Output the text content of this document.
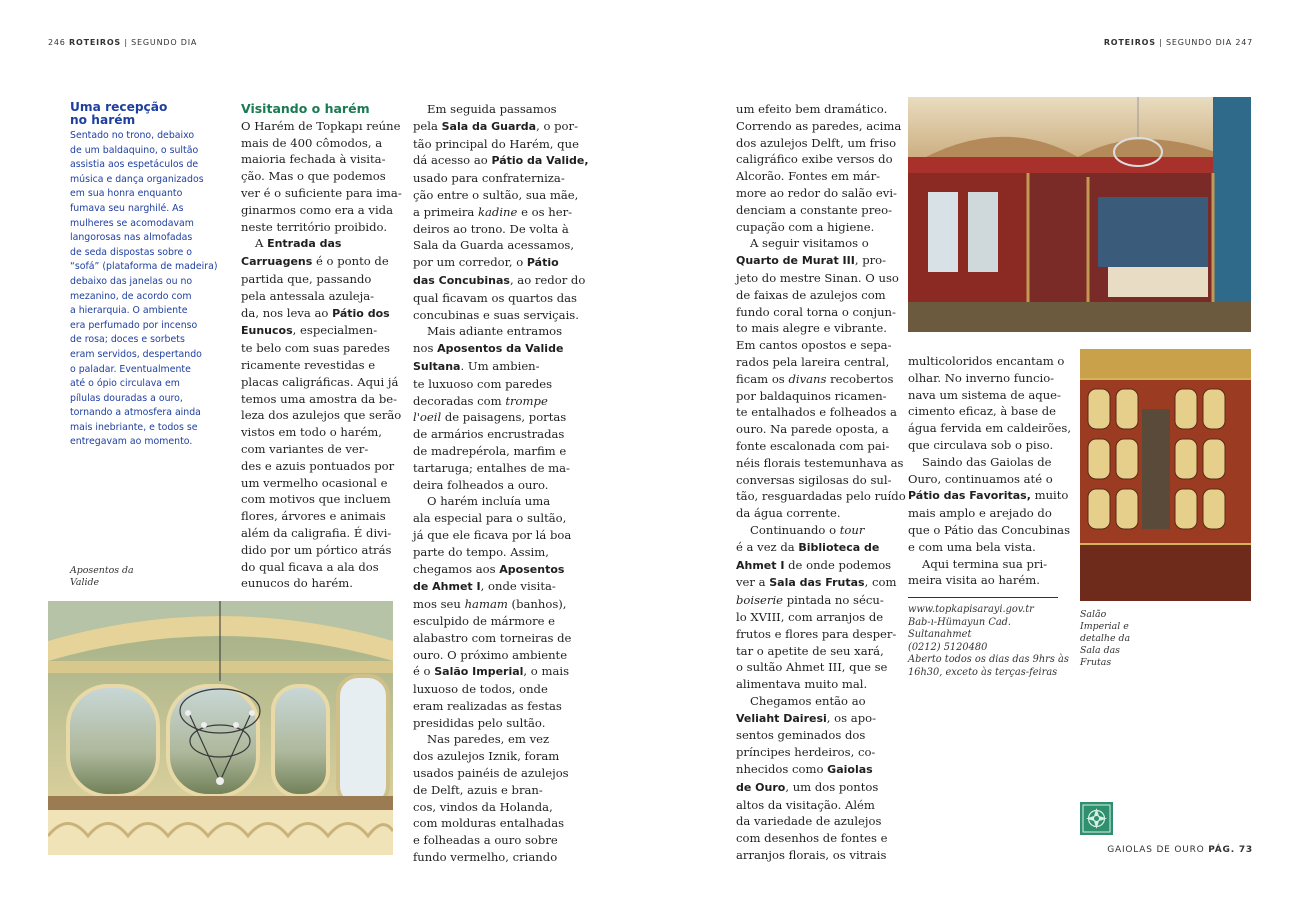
246 ROTEIROS | SEGUNDO DIA	ROTEIROS | SEGUNDO DIA 247
Uma recepção
no harém
Sentado no trono, debaixo
de um baldaquino, o sultão
assistia aos espetáculos de
música e dança organizados
em sua honra enquanto
fumava seu narghilé. As
mulheres se acomodavam
langorosas nas almofadas
de seda dispostas sobre o
“sofá” (plataforma de madeira)
debaixo das janelas ou no
mezanino, de acordo com
a hierarquia. O ambiente
era perfumado por incenso
de rosa; doces e sorbets
eram servidos, despertando
o paladar. Eventualmente
até o ópio circulava em
pílulas douradas a ouro,
tornando a atmosfera ainda
mais inebriante, e todos se
entregavam ao momento.
Aposentos da
Valide
Visitando o harém
O Harém de Topkapı reúne
mais de 400 cômodos, a
maioria fechada à visita-
ção. Mas o que podemos
ver é o suficiente para ima-
ginarmos como era a vida
neste território proibido.
A Entrada das
Carruagens é o ponto de
partida que, passando
pela antessala azuleja-
da, nos leva ao Pátio dos
Eunucos, especialmen-
te belo com suas paredes
ricamente revestidas e
placas caligráficas. Aqui já
temos uma amostra da be-
leza dos azulejos que serão
vistos em todo o harém,
com variantes de ver-
des e azuis pontuados por
um vermelho ocasional e
com motivos que incluem
flores, árvores e animais
além da caligrafia. É divi-
dido por um pórtico atrás
do qual ficava a ala dos
eunucos do harém.
Em seguida passamos
pela Sala da Guarda, o por-
tão principal do Harém, que
dá acesso ao Pátio da Valide,
usado para confraterniza-
ção entre o sultão, sua mãe,
a primeira kadine e os her-
deiros ao trono. De volta à
Sala da Guarda acessamos,
por um corredor, o Pátio
das Concubinas, ao redor do
qual ficavam os quartos das
concubinas e suas serviçais.
Mais adiante entramos
nos Aposentos da Valide
Sultana. Um ambien-
te luxuoso com paredes
decoradas com trompe
l'oeil de paisagens, portas
de armários encrustradas
de madrepérola, marfim e
tartaruga; entalhes de ma-
deira folheados a ouro.
O harém incluía uma
ala especial para o sultão,
já que ele ficava por lá boa
parte do tempo. Assim,
chegamos aos Aposentos
de Ahmet I, onde visita-
mos seu hamam (banhos),
esculpido de mármore e
alabastro com torneiras de
ouro. O próximo ambiente
é o Salão Imperial, o mais
luxuoso de todos, onde
eram realizadas as festas
presididas pelo sultão.
Nas paredes, em vez
dos azulejos Iznik, foram
usados painéis de azulejos
de Delft, azuis e bran-
cos, vindos da Holanda,
com molduras entalhadas
e folheadas a ouro sobre
fundo vermelho, criando
um efeito bem dramático.
Correndo as paredes, acima
dos azulejos Delft, um friso
caligráfico exibe versos do
Alcorão. Fontes em már-
more ao redor do salão evi-
denciam a constante preo-
cupação com a higiene.
A seguir visitamos o
Quarto de Murat III, pro-
jeto do mestre Sinan. O uso
de faixas de azulejos com
fundo coral torna o conjun-
to mais alegre e vibrante.
Em cantos opostos e sepa-
rados pela lareira central,
ficam os divans recobertos
por baldaquinos ricamen-
te entalhados e folheados a
ouro. Na parede oposta, a
fonte escalonada com pai-
néis florais testemunhava as
conversas sigilosas do sul-
tão, resguardadas pelo ruído
da água corrente.
Continuando o tour
é a vez da Biblioteca de
Ahmet I de onde podemos
ver a Sala das Frutas, com
boiserie pintada no sécu-
lo XVIII, com arranjos de
frutos e flores para desper-
tar o apetite de seu xará,
o sultão Ahmet III, que se
alimentava muito mal.
Chegamos então ao
Veliaht Dairesi, os apo-
sentos geminados dos
príncipes herdeiros, co-
nhecidos como Gaiolas
de Ouro, um dos pontos
altos da visitação. Além
da variedade de azulejos
com desenhos de fontes e
arranjos florais, os vitrais
multicoloridos encantam o
olhar. No inverno funcio-
nava um sistema de aque-
cimento eficaz, à base de
água fervida em caldeirões,
que circulava sob o piso.
Saindo das Gaiolas de
Ouro, continuamos até o
Pátio das Favoritas, muito
mais amplo e arejado do
que o Pátio das Concubinas
e com uma bela vista.
Aqui termina sua pri-
meira visita ao harém.
www.topkapisarayi.gov.tr
Bab-ı-Hümayun Cad.
Sultanahmet
(0212) 5120480
Aberto todos os dias das 9hrs às
16h30, exceto às terças-feiras
Salão
Imperial e
detalhe da
Sala das
Frutas
GAIOLAS DE OURO PÁG. 73
